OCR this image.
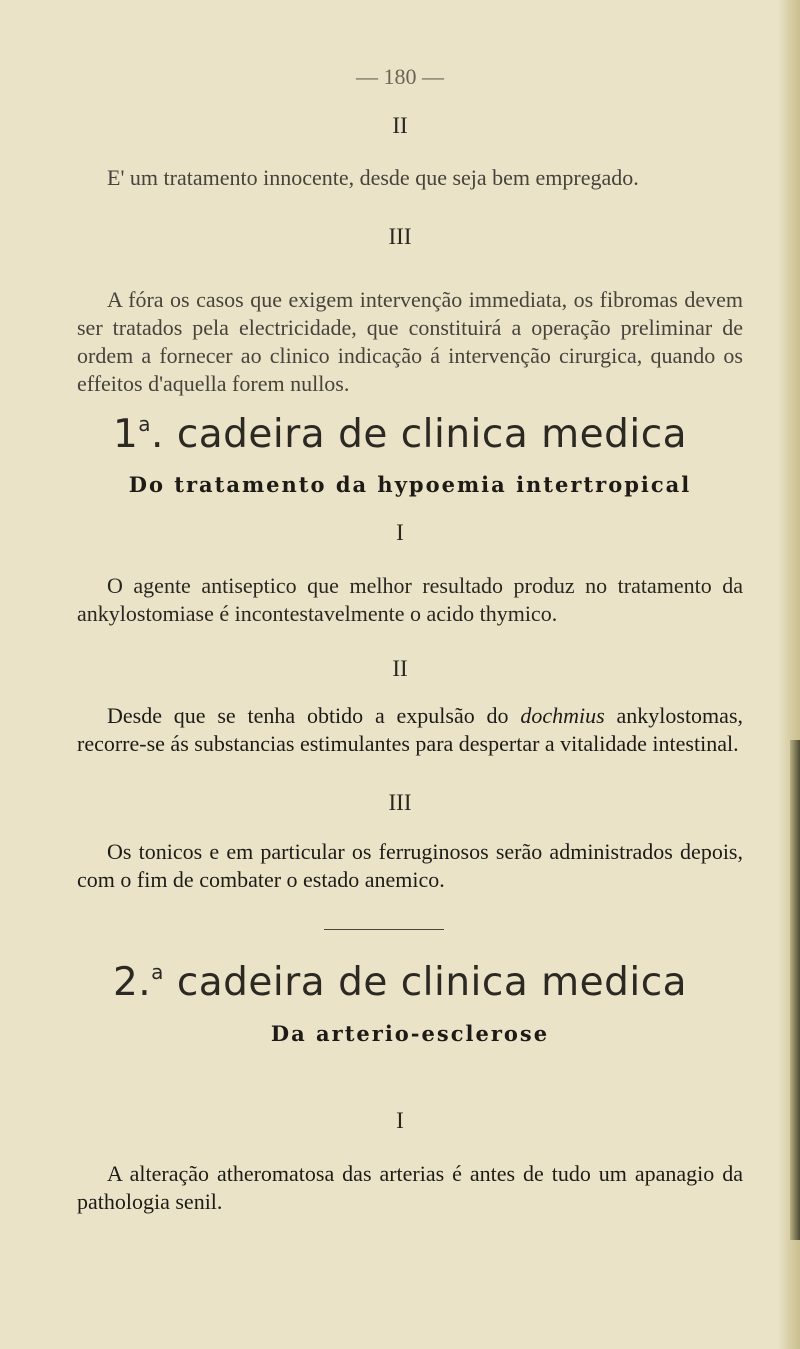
— 180 —
II

E' um tratamento innocente, desde que seja bem empregado.

III

A fóra os casos que exigem intervenção immediata, os fibromas devem ser tratados pela electricidade, que constituirá a operação preliminar de ordem a fornecer ao clinico indicação á intervenção cirurgica, quando os effeitos d'aquella forem nullos.

1$^a$. cadeira de clinica medica
Do tratamento da hypoemia intertropical
I

O agente antiseptico que melhor resultado produz no tratamento da ankylostomiase é incontestavelmente o acido thymico.

II

Desde que se tenha obtido a expulsão do dochmius ankylostomas, recorre-se ás substancias estimulantes para despertar a vitalidade intestinal.

III

Os tonicos e em particular os ferruginosos serão administrados depois, com o fim de combater o estado anemico.

2.$^a$ cadeira de clinica medica
Da arterio-esclerose
I

A alteração atheromatosa das arterias é antes de tudo um apanagio da pathologia senil.
